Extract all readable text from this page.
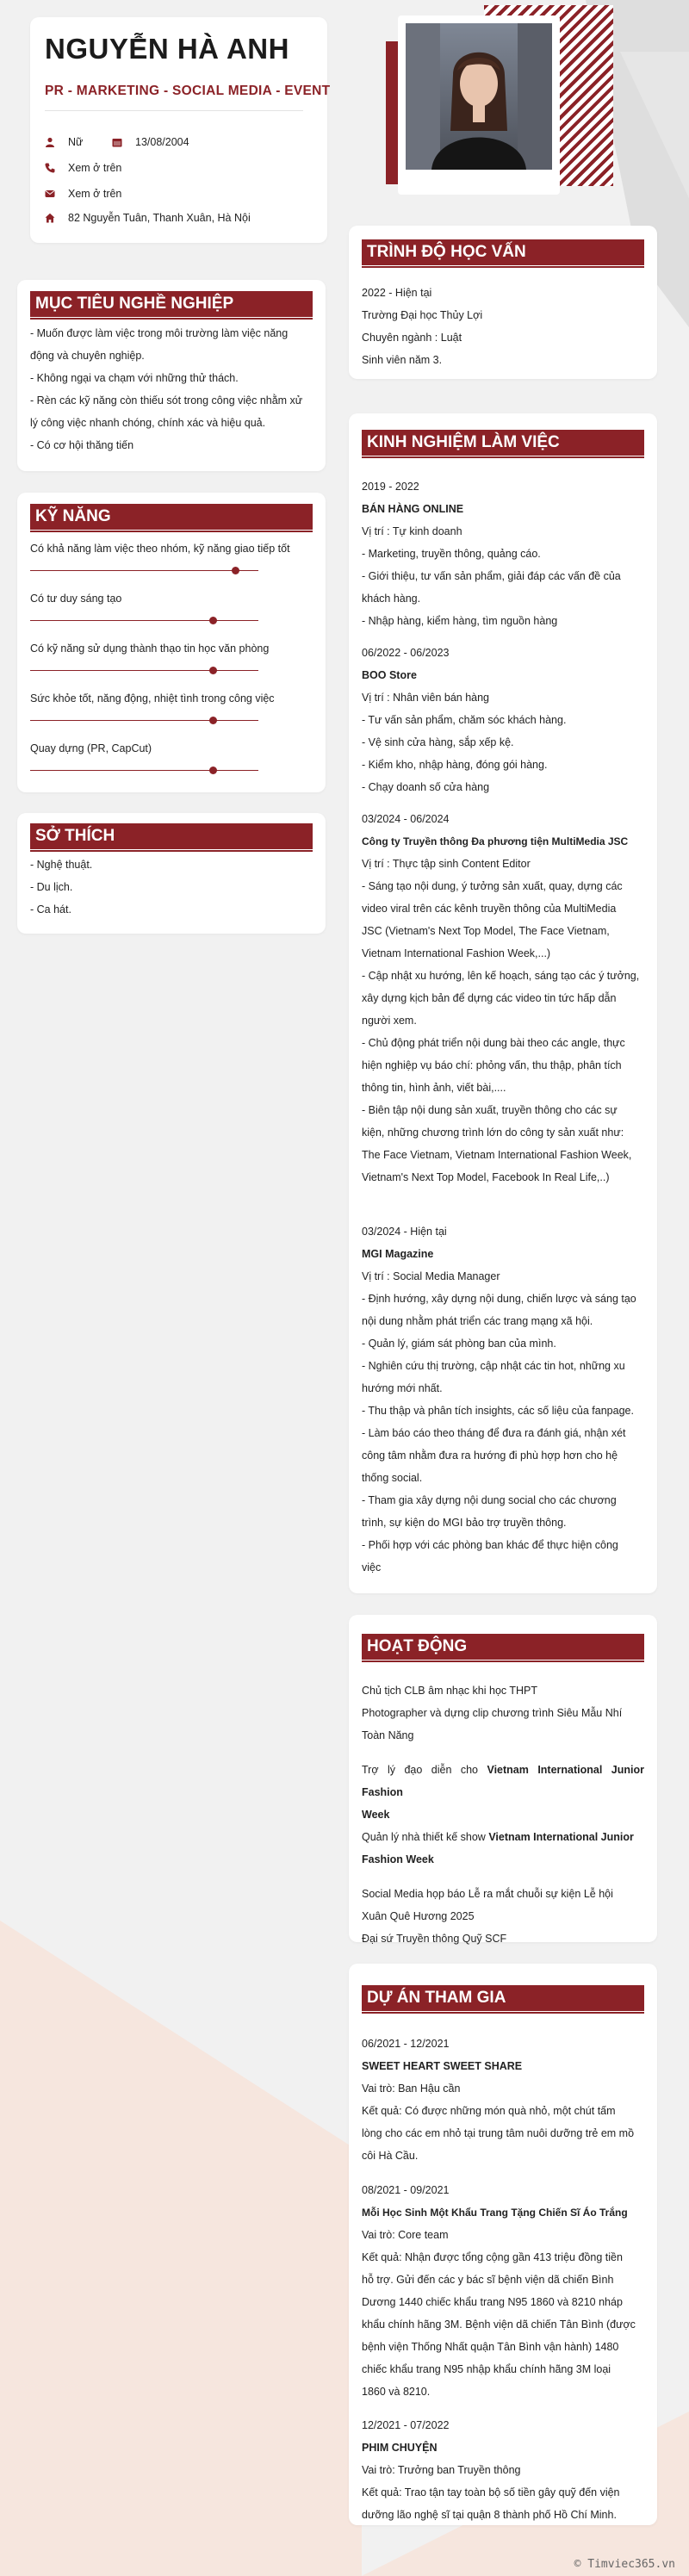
NGUYỄN HÀ ANH
PR - MARKETING - SOCIAL MEDIA - EVENT
Nữ	13/08/2004
Xem ở trên
Xem ở trên
82 Nguyễn Tuân, Thanh Xuân, Hà Nội
MỤC TIÊU NGHỀ NGHIỆP
- Muốn được làm việc trong môi trường làm việc năng
động và chuyên nghiệp.
- Không ngại va chạm với những thử thách.
- Rèn các kỹ năng còn thiếu sót trong công việc nhằm xử
lý công việc nhanh chóng, chính xác và hiệu quả.
- Có cơ hội thăng tiến
KỸ NĂNG
Có khả năng làm việc theo nhóm, kỹ năng giao tiếp tốt
Có tư duy sáng tạo
Có kỹ năng sử dụng thành thạo tin học văn phòng
Sức khỏe tốt, năng động, nhiệt tình trong công việc
Quay dựng (PR, CapCut)
SỞ THÍCH
- Nghệ thuật.
- Du lịch.
- Ca hát.
TRÌNH ĐỘ HỌC VẤN
2022 - Hiện tại
Trường Đại học Thủy Lợi
Chuyên ngành : Luật
Sinh viên năm 3.
KINH NGHIỆM LÀM VIỆC
2019 - 2022
BÁN HÀNG ONLINE
Vị trí : Tự kinh doanh
- Marketing, truyền thông, quảng cáo.
- Giới thiệu, tư vấn sản phẩm, giải đáp các vấn đề của
khách hàng.
- Nhập hàng, kiểm hàng, tìm nguồn hàng
06/2022 - 06/2023
BOO Store
Vị trí : Nhân viên bán hàng
- Tư vấn sản phẩm, chăm sóc khách hàng.
- Vệ sinh cửa hàng, sắp xếp kệ.
- Kiểm kho, nhập hàng, đóng gói hàng.
- Chạy doanh số cửa hàng
03/2024 - 06/2024
Công ty Truyền thông Đa phương tiện MultiMedia JSC
Vị trí : Thực tập sinh Content Editor
- Sáng tạo nội dung, ý tưởng sản xuất, quay, dựng các
video viral trên các kênh truyền thông của MultiMedia
JSC (Vietnam's Next Top Model, The Face Vietnam,
Vietnam International Fashion Week,...)
- Cập nhật xu hướng, lên kế hoạch, sáng tạo các ý tưởng,
xây dựng kịch bản để dựng các video tin tức hấp dẫn
người xem.
- Chủ động phát triển nội dung bài theo các angle, thực
hiện nghiệp vụ báo chí: phỏng vấn, thu thập, phân tích
thông tin, hình ảnh, viết bài,....
- Biên tập nội dung sản xuất, truyền thông cho các sự
kiện, những chương trình lớn do công ty sản xuất như:
The Face Vietnam, Vietnam International Fashion Week,
Vietnam's Next Top Model, Facebook In Real Life,..)
03/2024 - Hiện tại
MGI Magazine
Vị trí : Social Media Manager
- Định hướng, xây dựng nội dung, chiến lược và sáng tạo
nội dung nhằm phát triển các trang mạng xã hội.
- Quản lý, giám sát phòng ban của mình.
- Nghiên cứu thị trường, cập nhật các tin hot, những xu
hướng mới nhất.
- Thu thập và phân tích insights, các số liệu của fanpage.
- Làm báo cáo theo tháng để đưa ra đánh giá, nhận xét
công tâm nhằm đưa ra hướng đi phù hợp hơn cho hệ
thống social.
- Tham gia xây dựng nội dung social cho các chương
trình, sự kiện do MGI bảo trợ truyền thông.
- Phối hợp với các phòng ban khác để thực hiện công
việc
HOẠT ĐỘNG
Chủ tịch CLB âm nhạc khi học THPT
Photographer và dựng clip chương trình Siêu Mẫu Nhí
Toàn Năng
Trợ lý đạo diễn cho Vietnam International Junior Fashion
Week
Quản lý nhà thiết kế show Vietnam International Junior
Fashion Week
Social Media họp báo Lễ ra mắt chuỗi sự kiện Lễ hội
Xuân Quê Hương 2025
Đại sứ Truyền thông Quỹ SCF
DỰ ÁN THAM GIA
06/2021 - 12/2021
SWEET HEART SWEET SHARE
Vai trò: Ban Hậu cần
Kết quả: Có được những món quà nhỏ, một chút tấm
lòng cho các em nhỏ tại trung tâm nuôi dưỡng trẻ em mồ
côi Hà Cầu.
08/2021 - 09/2021
Mỗi Học Sinh Một Khẩu Trang Tặng Chiến Sĩ Áo Trắng
Vai trò: Core team
Kết quả: Nhận được tổng cộng gần 413 triệu đồng tiền
hỗ trợ. Gửi đến các y bác sĩ bệnh viện dã chiến Bình
Dương 1440 chiếc khẩu trang N95 1860 và 8210 nháp
khẩu chính hãng 3M. Bệnh viện dã chiến Tân Bình (được
bệnh viện Thống Nhất quận Tân Bình vận hành) 1480
chiếc khẩu trang N95 nhập khẩu chính hãng 3M loại
1860 và 8210.
12/2021 - 07/2022
PHIM CHUYỆN
Vai trò: Trưởng ban Truyền thông
Kết quả: Trao tận tay toàn bộ số tiền gây quỹ đến viện
dưỡng lão nghệ sĩ tại quận 8 thành phố Hồ Chí Minh.
© Timviec365.vn
